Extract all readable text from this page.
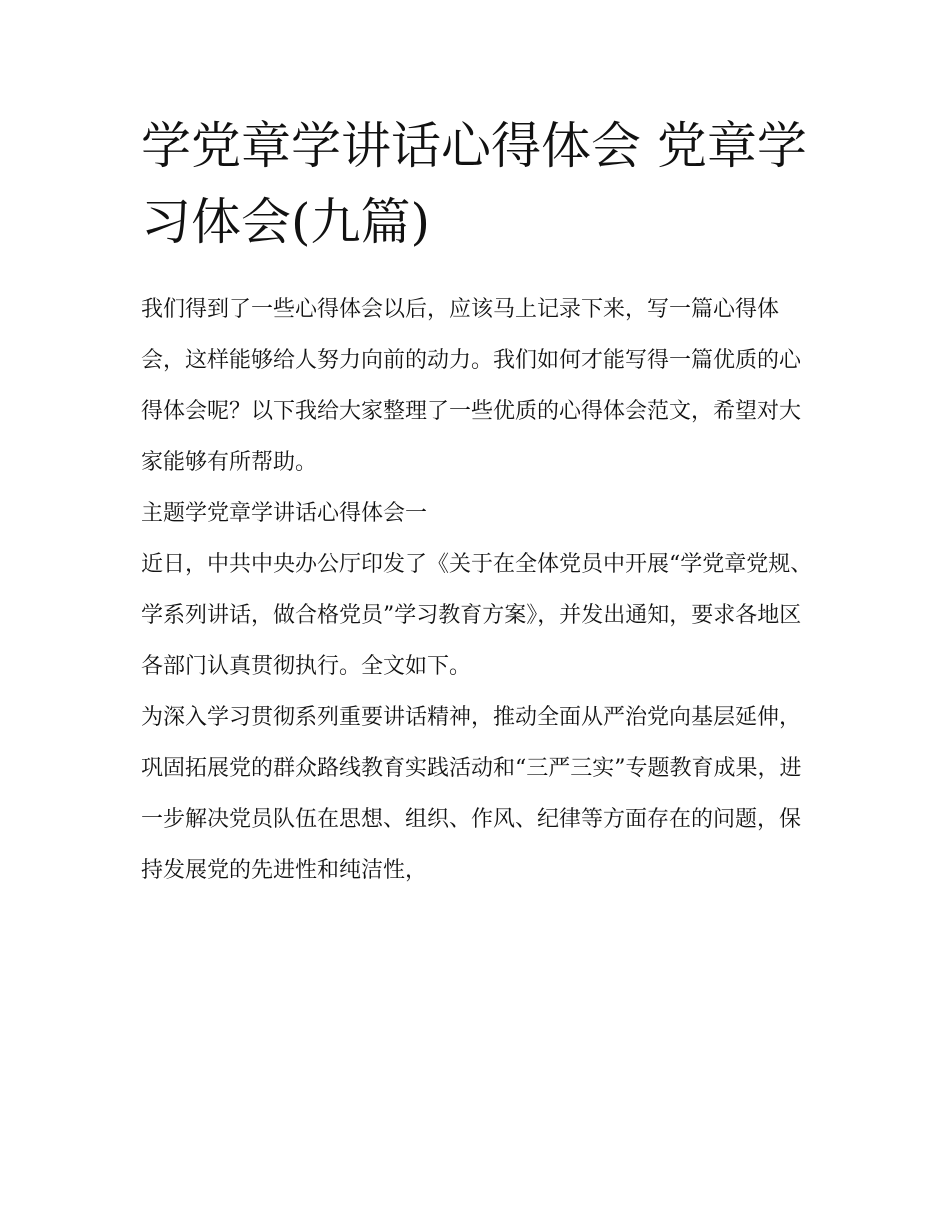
学党章学讲话心得体会 党章学习体会(九篇)

我们得到了一些心得体会以后，应该马上记录下来，写一篇心得体会，这样能够给人努力向前的动力。我们如何才能写得一篇优质的心得体会呢？以下我给大家整理了一些优质的心得体会范文，希望对大家能够有所帮助。

主题学党章学讲话心得体会一

近日，中共中央办公厅印发了《关于在全体党员中开展“学党章党规、学系列讲话，做合格党员”学习教育方案》，并发出通知，要求各地区各部门认真贯彻执行。全文如下。

为深入学习贯彻系列重要讲话精神，推动全面从严治党向基层延伸，巩固拓展党的群众路线教育实践活动和“三严三实”专题教育成果，进一步解决党员队伍在思想、组织、作风、纪律等方面存在的问题，保持发展党的先进性和纯洁性，
